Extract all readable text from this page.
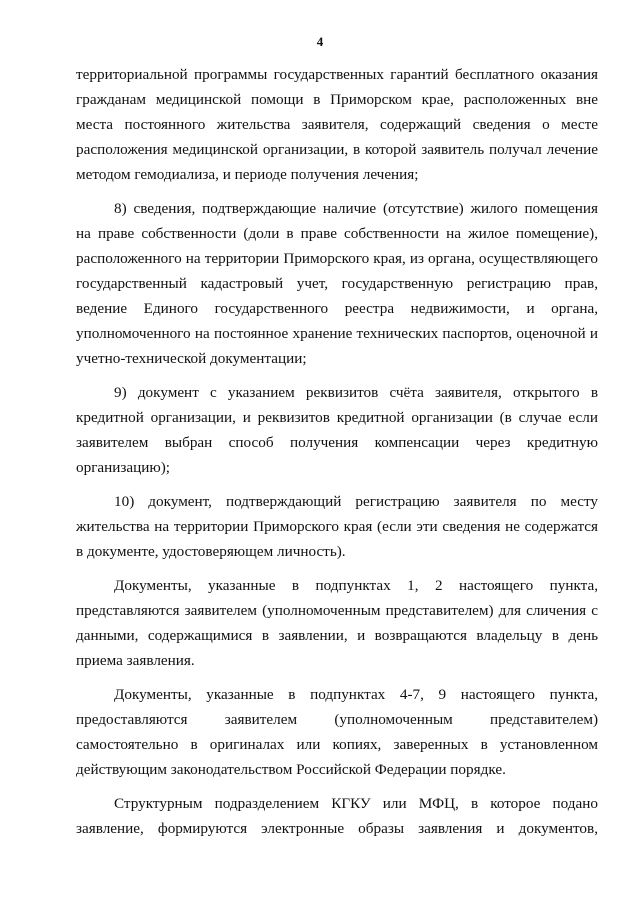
4

территориальной программы государственных гарантий бесплатного оказания
гражданам медицинской помощи в Приморском крае, расположенных вне
места постоянного жительства заявителя, содержащий сведения о месте
расположения медицинской организации, в которой заявитель получал лечение
методом гемодиализа, и периоде получения лечения;

8) сведения, подтверждающие наличие (отсутствие) жилого помещения
на праве собственности (доли в праве собственности на жилое помещение),
расположенного на территории Приморского края, из органа, осуществляющего
государственный кадастровый учет, государственную регистрацию прав,
ведение Единого государственного реестра недвижимости, и органа,
уполномоченного на постоянное хранение технических паспортов, оценочной и
учетно-технической документации;

9) документ с указанием реквизитов счёта заявителя, открытого в
кредитной организации, и реквизитов кредитной организации (в случае если
заявителем выбран способ получения компенсации через кредитную
организацию);

10) документ, подтверждающий регистрацию заявителя по месту
жительства на территории Приморского края (если эти сведения не содержатся
в документе, удостоверяющем личность).

Документы, указанные в подпунктах 1, 2 настоящего пункта,
представляются заявителем (уполномоченным представителем) для сличения с
данными, содержащимися в заявлении, и возвращаются владельцу в день
приема заявления.

Документы, указанные в подпунктах 4-7, 9 настоящего пункта,
предоставляются заявителем (уполномоченным представителем)
самостоятельно в оригиналах или копиях, заверенных в установленном
действующим законодательством Российской Федерации порядке.

Структурным подразделением КГКУ или МФЦ, в которое подано
заявление, формируются электронные образы заявления и документов,
